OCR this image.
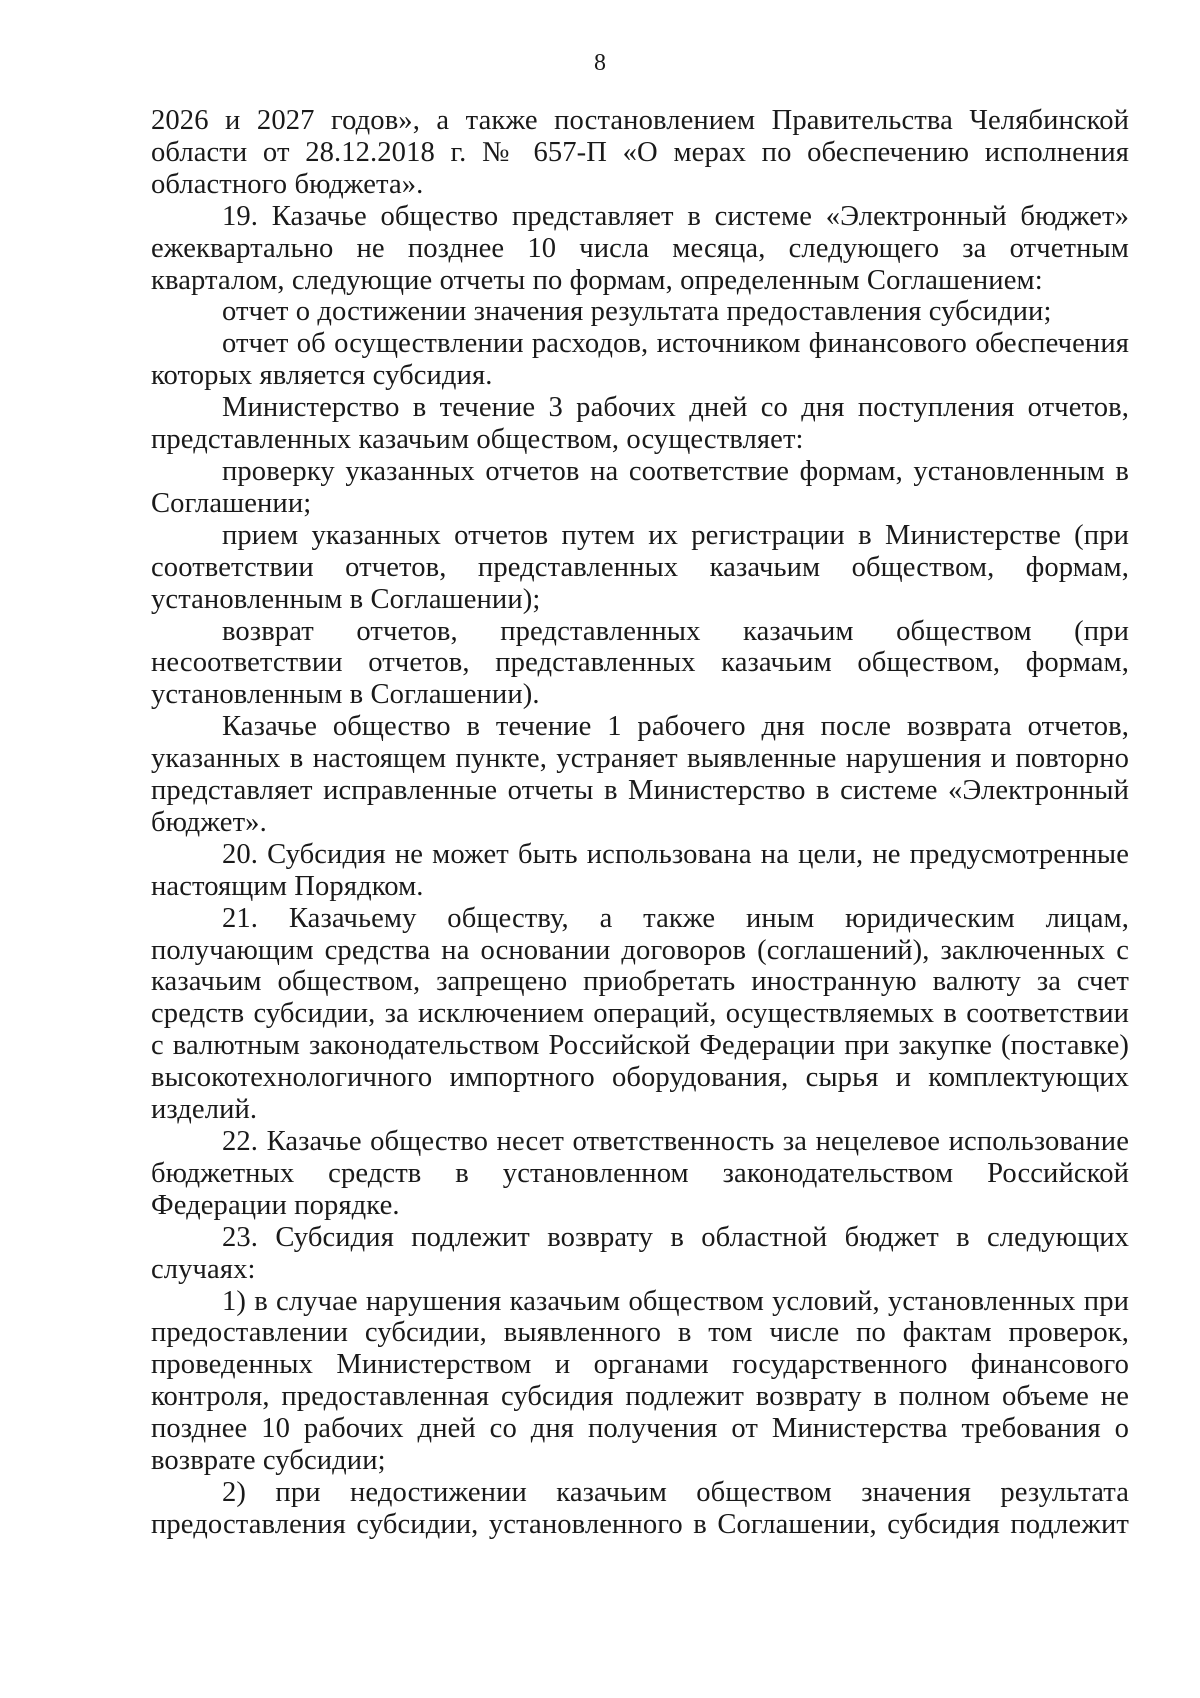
8

2026 и 2027 годов», а также постановлением Правительства Челябинской области от 28.12.2018 г. № 657-П «О мерах по обеспечению исполнения областного бюджета».

19. Казачье общество представляет в системе «Электронный бюджет» ежеквартально не позднее 10 числа месяца, следующего за отчетным кварталом, следующие отчеты по формам, определенным Соглашением:

отчет о достижении значения результата предоставления субсидии;

отчет об осуществлении расходов, источником финансового обеспечения которых является субсидия.

Министерство в течение 3 рабочих дней со дня поступления отчетов, представленных казачьим обществом, осуществляет:

проверку указанных отчетов на соответствие формам, установленным в Соглашении;

прием указанных отчетов путем их регистрации в Министерстве (при соответствии отчетов, представленных казачьим обществом, формам, установленным в Соглашении);

возврат отчетов, представленных казачьим обществом (при несоответствии отчетов, представленных казачьим обществом, формам, установленным в Соглашении).

Казачье общество в течение 1 рабочего дня после возврата отчетов, указанных в настоящем пункте, устраняет выявленные нарушения и повторно представляет исправленные отчеты в Министерство в системе «Электронный бюджет».

20. Субсидия не может быть использована на цели, не предусмотренные настоящим Порядком.

21. Казачьему обществу, а также иным юридическим лицам, получающим средства на основании договоров (соглашений), заключенных с казачьим обществом, запрещено приобретать иностранную валюту за счет средств субсидии, за исключением операций, осуществляемых в соответствии с валютным законодательством Российской Федерации при закупке (поставке) высокотехнологичного импортного оборудования, сырья и комплектующих изделий.

22. Казачье общество несет ответственность за нецелевое использование бюджетных средств в установленном законодательством Российской Федерации порядке.

23. Субсидия подлежит возврату в областной бюджет в следующих случаях:

1) в случае нарушения казачьим обществом условий, установленных при предоставлении субсидии, выявленного в том числе по фактам проверок, проведенных Министерством и органами государственного финансового контроля, предоставленная субсидия подлежит возврату в полном объеме не позднее 10 рабочих дней со дня получения от Министерства требования о возврате субсидии;

2) при недостижении казачьим обществом значения результата предоставления субсидии, установленного в Соглашении, субсидия подлежит
